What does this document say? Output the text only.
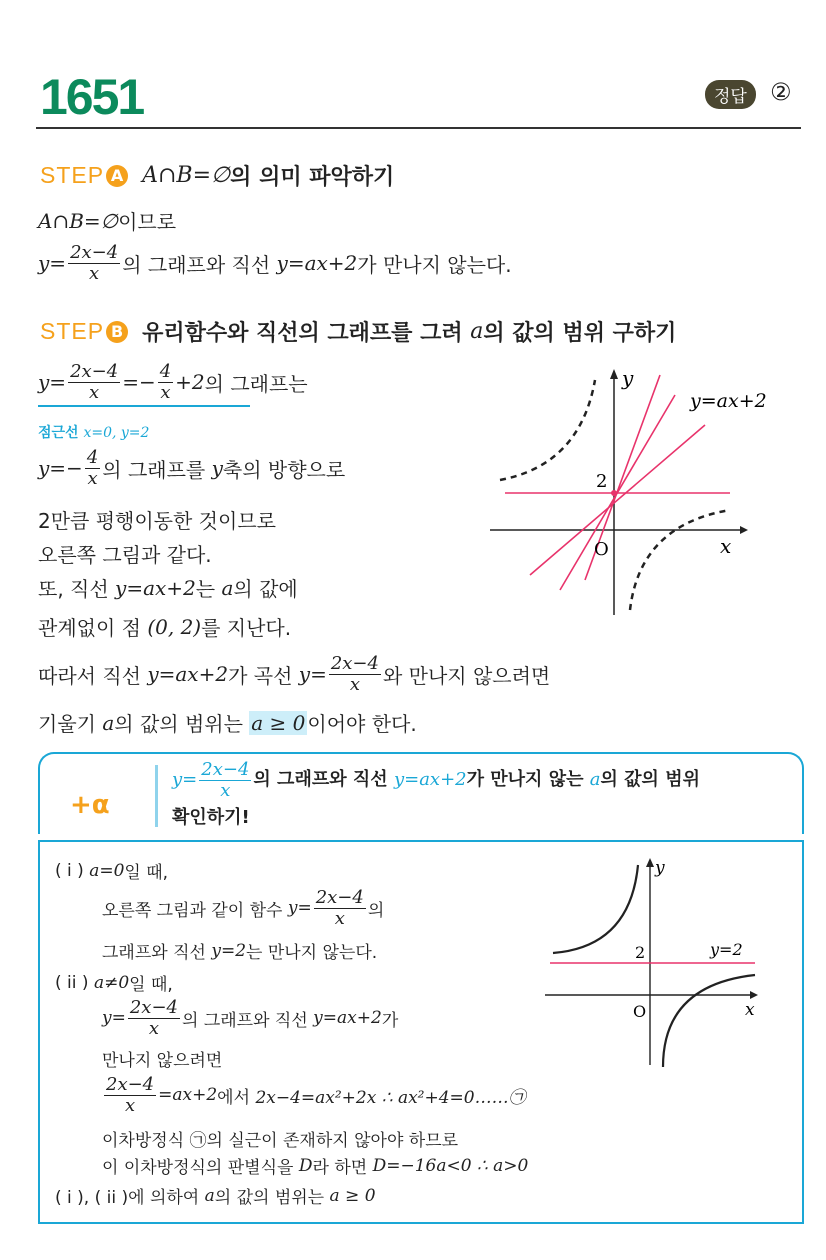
1651	정답 ②
STEP A A∩B=∅ 의 의미 파악하기
A∩B=∅ 이므로
$y= \frac{2x-4}{x}$ 의 그래프와 직선
y=ax+2 가 만나지 않는다.
STEP B 유리함수와 직선의 그래프를 그려
a 의 값의 범위 구하기
$y= \frac{2x-4}{x} =- \frac{4}{x} +2$ 의 그래프는
점근선 x=0, y=2
$y=- \frac{4}{x}$ 의 그래프를
y 축의 방향으로
2만큼 평행이동한 것이므로
오른쪽 그림과 같다.
또, 직선
y=ax+2 는
a 의 값에
관계없이 점
(0, 2) 를 지난다.
따라서 직선
y=ax+2 가 곡선
$y= \frac{2x-4}{x}$ 와 만나지 않으려면
기울기
a 의 값의 범위는
a ≥ 0 이어야 한다.
y
x
O
2
y=ax+2
+α
$y= \frac{2x-4}{x}$ 의 그래프와 직선
y=ax+2 가 만나지 않는
a 의 값의 범위
확인하기!
( i )
a=0 일 때,
오른쪽 그림과 같이 함수
$y= \frac{2x-4}{x}$ 의
그래프와 직선
y=2 는 만나지 않는다.
( ii )
a≠0 일 때,
$y= \frac{2x-4}{x}$ 의 그래프와 직선
y=ax+2 가
만나지 않으려면
$\frac{2x-4}{x} =ax+2$ 에서
2x−4=ax²+2x ∴ ax²+4=0……㉠
이차방정식 ㉠의 실근이 존재하지 않아야 하므로
이 이차방정식의 판별식을
D 라 하면
D=−16a<0 ∴ a>0
( i ), ( ii )에 의하여
a 의 값의 범위는
a ≥ 0
y
x
O
2	y=2
